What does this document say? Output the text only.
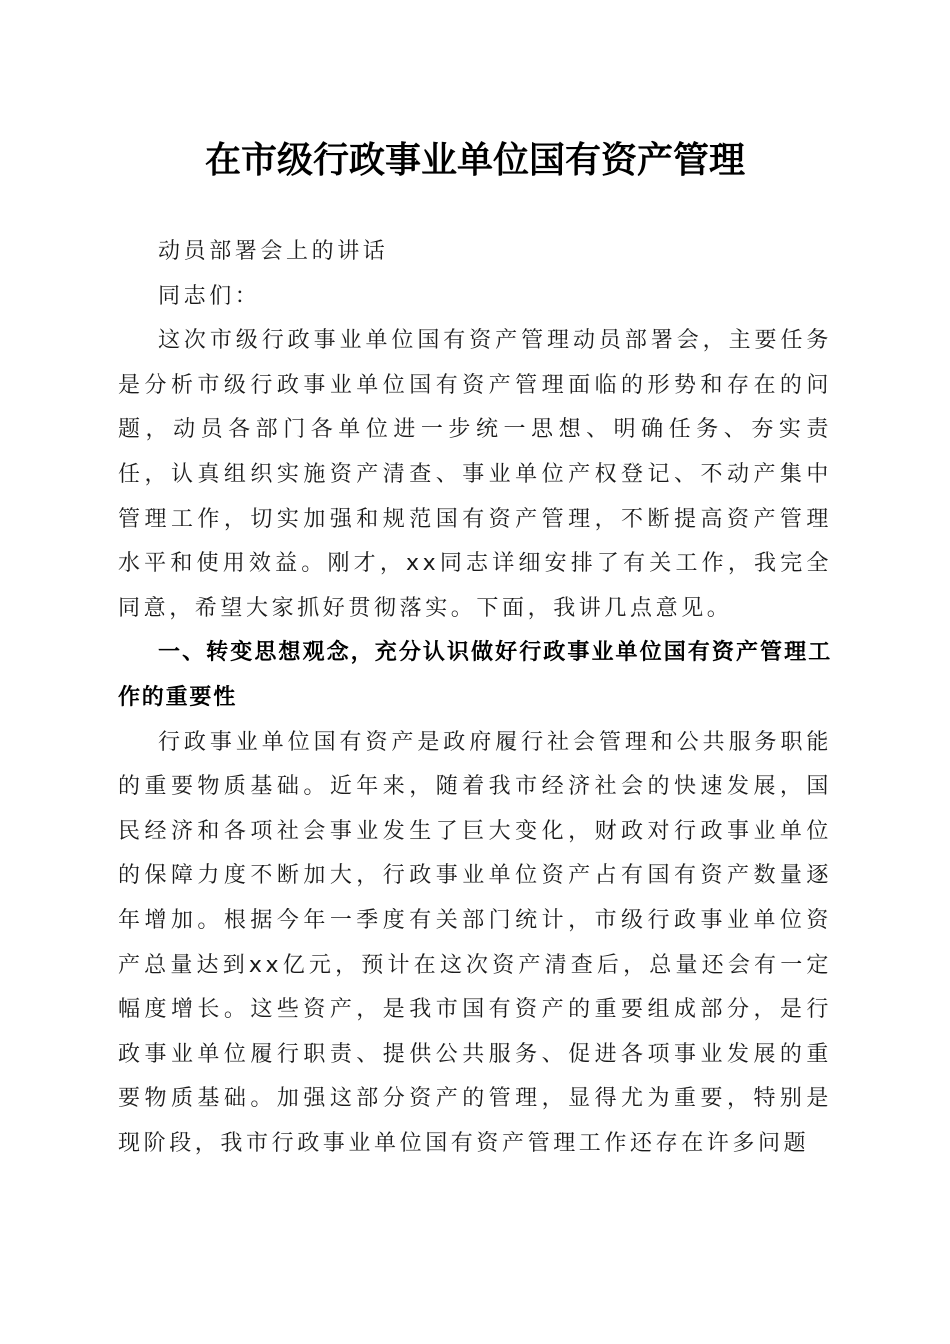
在市级行政事业单位国有资产管理

动员部署会上的讲话

同志们：

这次市级行政事业单位国有资产管理动员部署会，主要任务是分析市级行政事业单位国有资产管理面临的形势和存在的问题，动员各部门各单位进一步统一思想、明确任务、夯实责任，认真组织实施资产清查、事业单位产权登记、不动产集中管理工作，切实加强和规范国有资产管理，不断提高资产管理水平和使用效益。刚才，xx同志详细安排了有关工作，我完全同意，希望大家抓好贯彻落实。下面，我讲几点意见。

一、转变思想观念，充分认识做好行政事业单位国有资产管理工作的重要性

行政事业单位国有资产是政府履行社会管理和公共服务职能的重要物质基础。近年来，随着我市经济社会的快速发展，国民经济和各项社会事业发生了巨大变化，财政对行政事业单位的保障力度不断加大，行政事业单位资产占有国有资产数量逐年增加。根据今年一季度有关部门统计，市级行政事业单位资产总量达到xx亿元，预计在这次资产清查后，总量还会有一定幅度增长。这些资产，是我市国有资产的重要组成部分，是行政事业单位履行职责、提供公共服务、促进各项事业发展的重要物质基础。加强这部分资产的管理，显得尤为重要，特别是现阶段，我市行政事业单位国有资产管理工作还存在许多问题
